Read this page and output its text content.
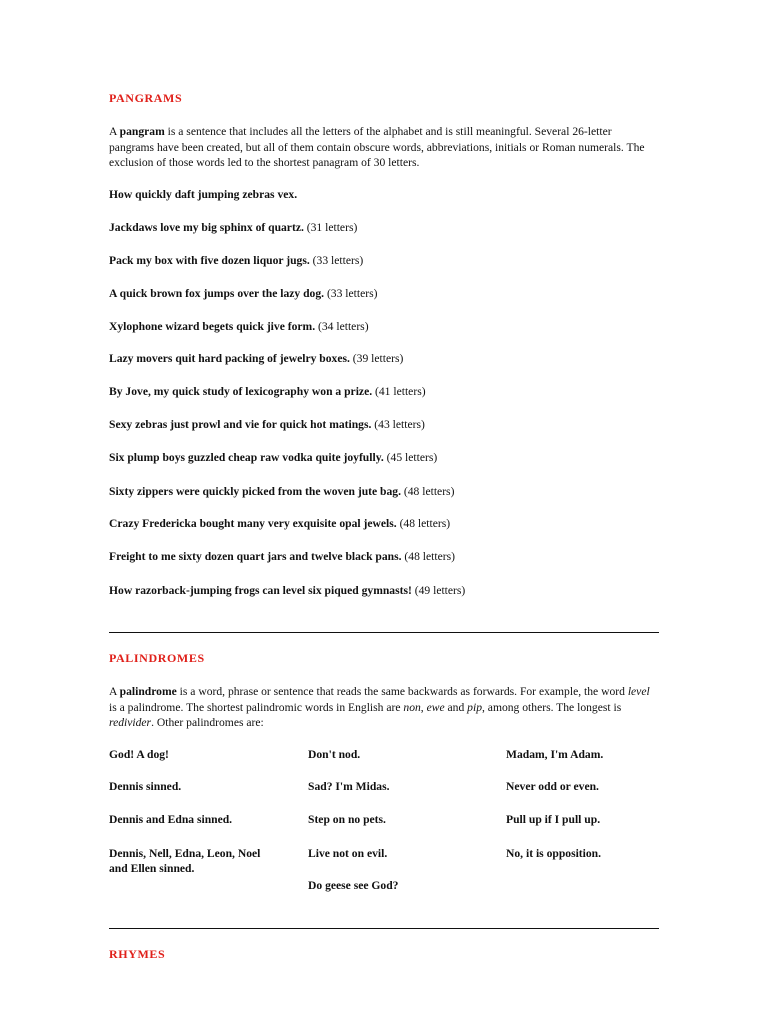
PANGRAMS
A pangram is a sentence that includes all the letters of the alphabet and is still meaningful. Several 26-letter pangrams have been created, but all of them contain obscure words, abbreviations, initials or Roman numerals. The exclusion of those words led to the shortest panagram of 30 letters.
How quickly daft jumping zebras vex.
Jackdaws love my big sphinx of quartz. (31 letters)
Pack my box with five dozen liquor jugs. (33 letters)
A quick brown fox jumps over the lazy dog. (33 letters)
Xylophone wizard begets quick jive form. (34 letters)
Lazy movers quit hard packing of jewelry boxes. (39 letters)
By Jove, my quick study of lexicography won a prize. (41 letters)
Sexy zebras just prowl and vie for quick hot matings. (43 letters)
Six plump boys guzzled cheap raw vodka quite joyfully. (45 letters)
Sixty zippers were quickly picked from the woven jute bag. (48 letters)
Crazy Fredericka bought many very exquisite opal jewels. (48 letters)
Freight to me sixty dozen quart jars and twelve black pans. (48 letters)
How razorback-jumping frogs can level six piqued gymnasts! (49 letters)
PALINDROMES
A palindrome is a word, phrase or sentence that reads the same backwards as forwards. For example, the word level is a palindrome. The shortest palindromic words in English are non, ewe and pip, among others. The longest is redivider. Other palindromes are:
God! A dog!
Dennis sinned.
Dennis and Edna sinned.
Dennis, Nell, Edna, Leon, Noel and Ellen sinned.
Don't nod.
Sad? I'm Midas.
Step on no pets.
Live not on evil.
Do geese see God?
Madam, I'm Adam.
Never odd or even.
Pull up if I pull up.
No, it is opposition.
RHYMES
